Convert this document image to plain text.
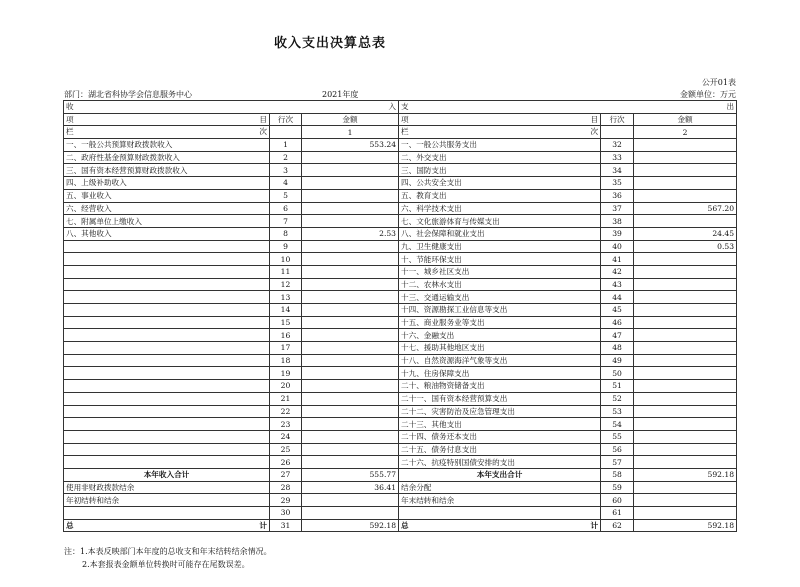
收入支出决算总表
公开01表
部门：湖北省科协学会信息服务中心	2021年度	金额单位：万元
收 入			支 出		

项 目	行次	金额	项 目	行次	金额

栏 次		1	栏 次		2
一、一般公共预算财政拨款收入	1	553.24	一、一般公共服务支出	32	
二、政府性基金预算财政拨款收入	2		二、外交支出	33	
三、国有资本经营预算财政拨款收入	3		三、国防支出	34	
四、上级补助收入	4		四、公共安全支出	35	
五、事业收入	5		五、教育支出	36	
六、经营收入	6		六、科学技术支出	37	567.20
七、附属单位上缴收入	7		七、文化旅游体育与传媒支出	38	
八、其他收入	8	2.53	八、社会保障和就业支出	39	24.45
	9		九、卫生健康支出	40	0.53
	10		十、节能环保支出	41	
	11		十一、城乡社区支出	42	
	12		十二、农林水支出	43	
	13		十三、交通运输支出	44	
	14		十四、资源勘探工业信息等支出	45	
	15		十五、商业服务业等支出	46	
	16		十六、金融支出	47	
	17		十七、援助其他地区支出	48	
	18		十八、自然资源海洋气象等支出	49	
	19		十九、住房保障支出	50	
	20		二十、粮油物资储备支出	51	
	21		二十一、国有资本经营预算支出	52	
	22		二十二、灾害防治及应急管理支出	53	
	23		二十三、其他支出	54	
	24		二十四、债务还本支出	55	
	25		二十五、债务付息支出	56	
	26		二十六、抗疫特别国债安排的支出	57	
本年收入合计	27	555.77	本年支出合计	58	592.18
使用非财政拨款结余	28	36.41	结余分配	59	
年初结转和结余	29		年末结转和结余	60	
	30			61	

总 计	31	592.18	总 计	62	592.18
注：1.本表反映部门本年度的总收支和年末结转结余情况。
2.本套报表金额单位转换时可能存在尾数误差。
